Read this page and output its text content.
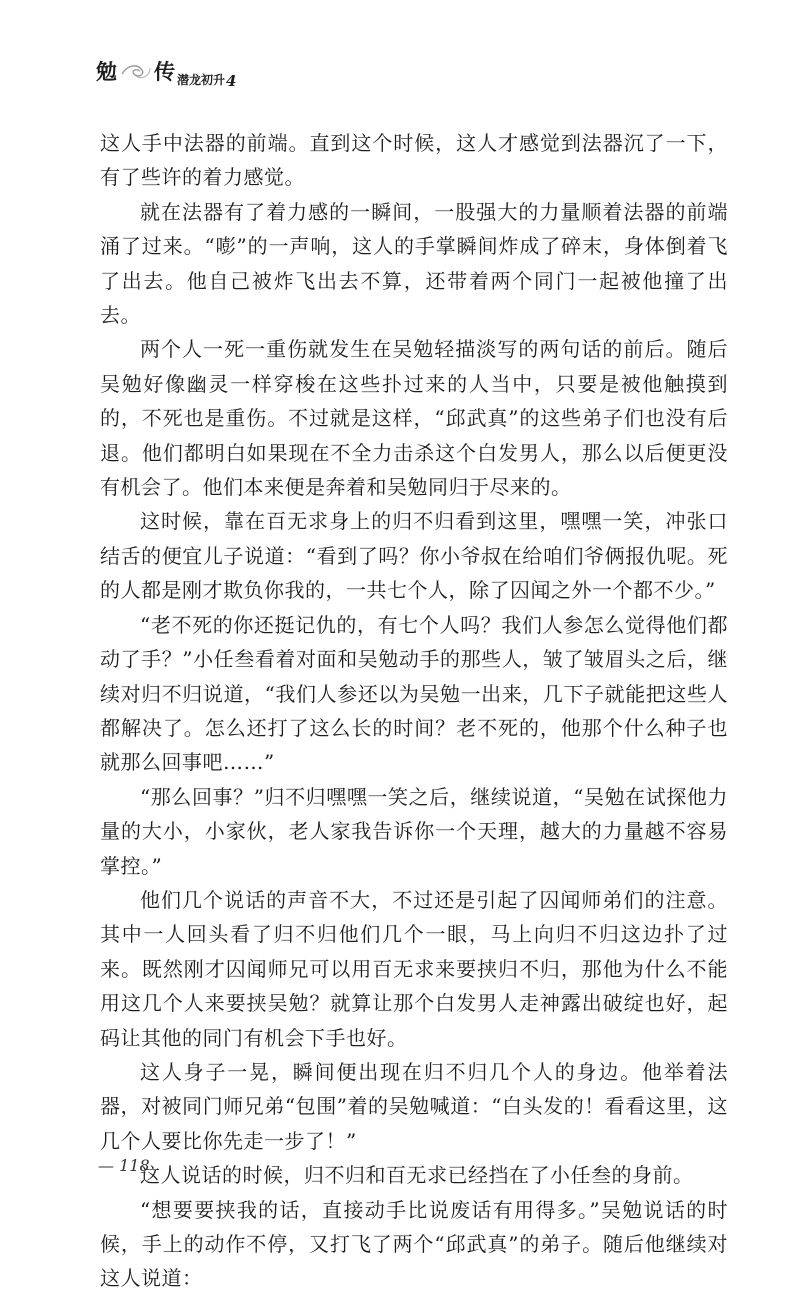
勉 传 潜龙初升 4

这人手中法器的前端。直到这个时候，这人才感觉到法器沉了一下，有了些许的着力感觉。

就在法器有了着力感的一瞬间，一股强大的力量顺着法器的前端涌了过来。“嘭”的一声响，这人的手掌瞬间炸成了碎末，身体倒着飞了出去。他自己被炸飞出去不算，还带着两个同门一起被他撞了出去。

两个人一死一重伤就发生在吴勉轻描淡写的两句话的前后。随后吴勉好像幽灵一样穿梭在这些扑过来的人当中，只要是被他触摸到的，不死也是重伤。不过就是这样，“邱武真”的这些弟子们也没有后退。他们都明白如果现在不全力击杀这个白发男人，那么以后便更没有机会了。他们本来便是奔着和吴勉同归于尽来的。

这时候，靠在百无求身上的归不归看到这里，嘿嘿一笑，冲张口结舌的便宜儿子说道：“看到了吗？你小爷叔在给咱们爷俩报仇呢。死的人都是刚才欺负你我的，一共七个人，除了囚闻之外一个都不少。”

“老不死的你还挺记仇的，有七个人吗？我们人参怎么觉得他们都动了手？”小任叁看着对面和吴勉动手的那些人，皱了皱眉头之后，继续对归不归说道，“我们人参还以为吴勉一出来，几下子就能把这些人都解决了。怎么还打了这么长的时间？老不死的，他那个什么种子也就那么回事吧……”

“那么回事？”归不归嘿嘿一笑之后，继续说道，“吴勉在试探他力量的大小，小家伙，老人家我告诉你一个天理，越大的力量越不容易掌控。”

他们几个说话的声音不大，不过还是引起了囚闻师弟们的注意。其中一人回头看了归不归他们几个一眼，马上向归不归这边扑了过来。既然刚才囚闻师兄可以用百无求来要挟归不归，那他为什么不能用这几个人来要挟吴勉？就算让那个白发男人走神露出破绽也好，起码让其他的同门有机会下手也好。

这人身子一晃，瞬间便出现在归不归几个人的身边。他举着法器，对被同门师兄弟“包围”着的吴勉喊道：“白头发的！看看这里，这几个人要比你先走一步了！”

这人说话的时候，归不归和百无求已经挡在了小任叁的身前。

“想要要挟我的话，直接动手比说废话有用得多。”吴勉说话的时候，手上的动作不停，又打飞了两个“邱武真”的弟子。随后他继续对这人说道：

— 118
